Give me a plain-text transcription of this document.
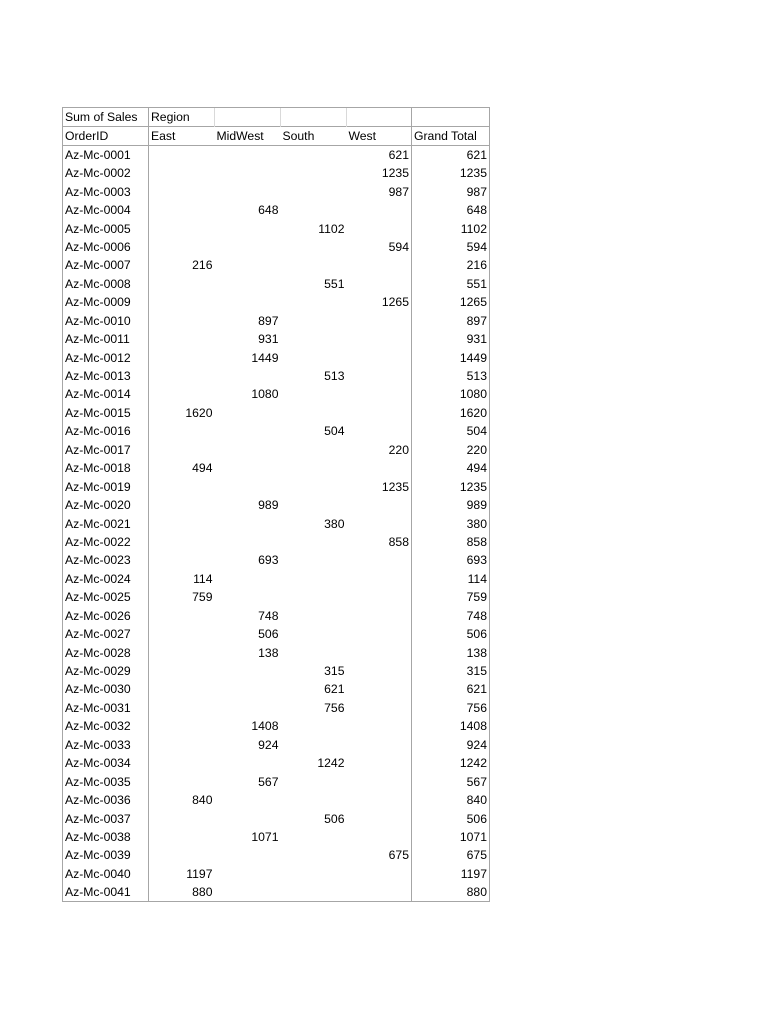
Sum of Sales	Region				
OrderID	East	MidWest	South	West	Grand Total
Az-Mc-0001				621	621
Az-Mc-0002				1235	1235
Az-Mc-0003				987	987
Az-Mc-0004		648			648
Az-Mc-0005			1102		1102
Az-Mc-0006				594	594
Az-Mc-0007	216				216
Az-Mc-0008			551		551
Az-Mc-0009				1265	1265
Az-Mc-0010		897			897
Az-Mc-0011		931			931
Az-Mc-0012		1449			1449
Az-Mc-0013			513		513
Az-Mc-0014		1080			1080
Az-Mc-0015	1620				1620
Az-Mc-0016			504		504
Az-Mc-0017				220	220
Az-Mc-0018	494				494
Az-Mc-0019				1235	1235
Az-Mc-0020		989			989
Az-Mc-0021			380		380
Az-Mc-0022				858	858
Az-Mc-0023		693			693
Az-Mc-0024	114				114
Az-Mc-0025	759				759
Az-Mc-0026		748			748
Az-Mc-0027		506			506
Az-Mc-0028		138			138
Az-Mc-0029			315		315
Az-Mc-0030			621		621
Az-Mc-0031			756		756
Az-Mc-0032		1408			1408
Az-Mc-0033		924			924
Az-Mc-0034			1242		1242
Az-Mc-0035		567			567
Az-Mc-0036	840				840
Az-Mc-0037			506		506
Az-Mc-0038		1071			1071
Az-Mc-0039				675	675
Az-Mc-0040	1197				1197
Az-Mc-0041	880				880
